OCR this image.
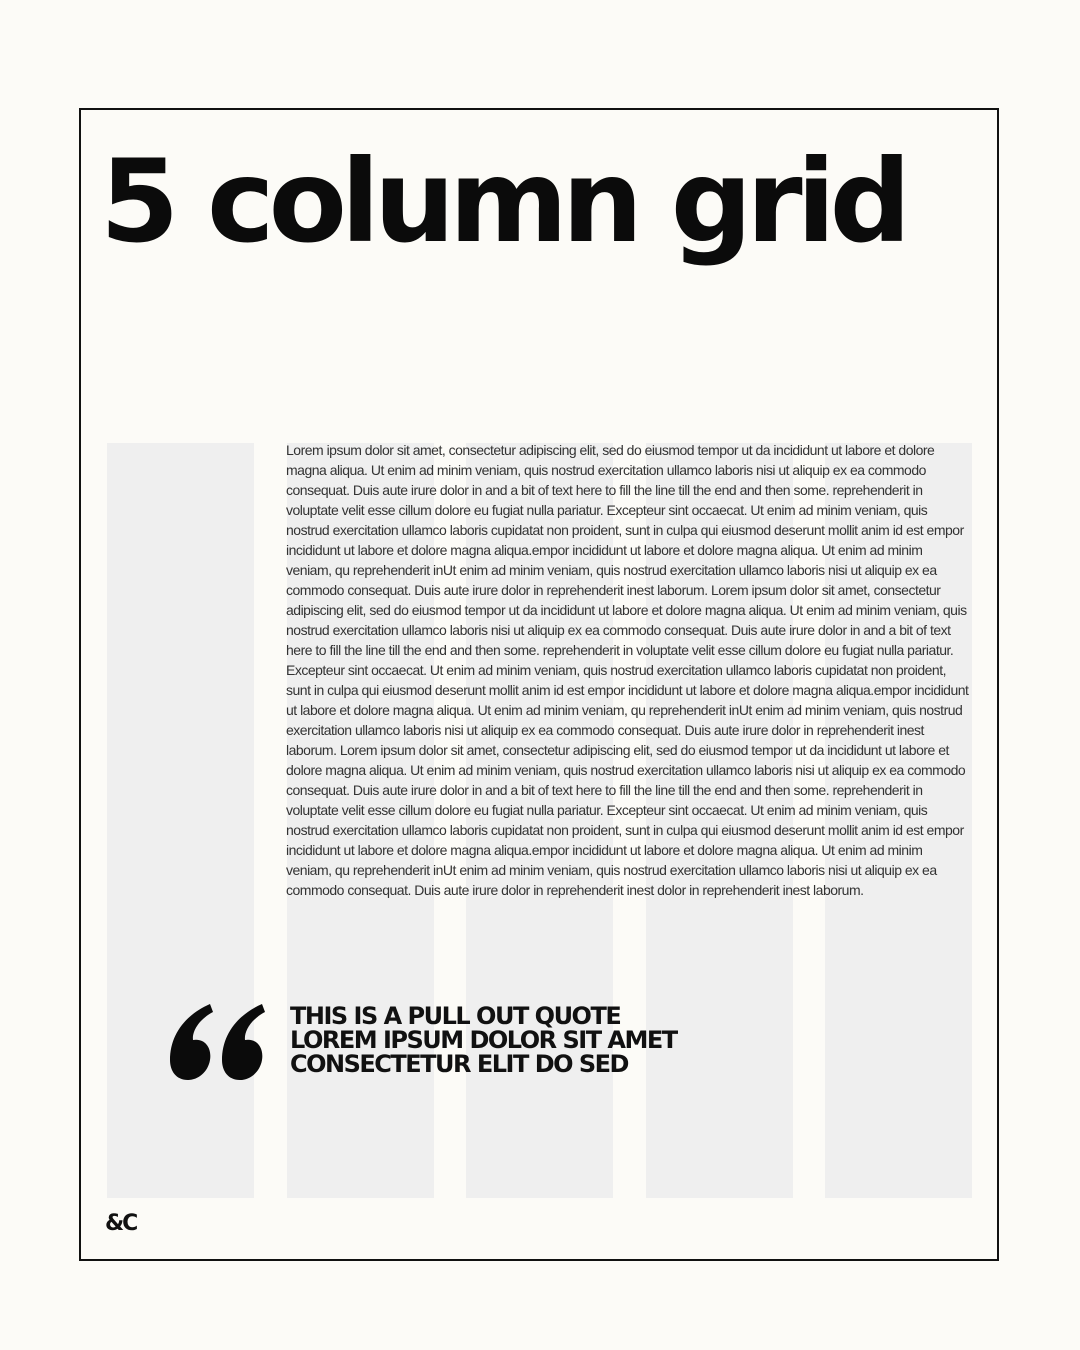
5 column grid

Lorem ipsum dolor sit amet, consectetur adipiscing elit, sed do eiusmod tempor ut da incididunt ut labore et dolore magna aliqua. Ut enim ad minim veniam, quis nostrud exercitation ullamco laboris nisi ut aliquip ex ea commodo consequat. Duis aute irure dolor in and a bit of text here to fill the line till the end and then some. reprehenderit in voluptate velit esse cillum dolore eu fugiat nulla pariatur. Excepteur sint occaecat. Ut enim ad minim veniam, quis nostrud exercitation ullamco laboris cupidatat non proident, sunt in culpa qui eiusmod deserunt mollit anim id est empor incididunt ut labore et dolore magna aliqua.empor incididunt ut labore et dolore magna aliqua. Ut enim ad minim veniam, qu reprehenderit inUt enim ad minim veniam, quis nostrud exercitation ullamco laboris nisi ut aliquip ex ea commodo consequat. Duis aute irure dolor in reprehenderit inest laborum. Lorem ipsum dolor sit amet, consectetur adipiscing elit, sed do eiusmod tempor ut da incididunt ut labore et dolore magna aliqua. Ut enim ad minim veniam, quis nostrud exercitation ullamco laboris nisi ut aliquip ex ea commodo consequat. Duis aute irure dolor in and a bit of text here to fill the line till the end and then some. reprehenderit in voluptate velit esse cillum dolore eu fugiat nulla pariatur. Excepteur sint occaecat. Ut enim ad minim veniam, quis nostrud exercitation ullamco laboris cupidatat non proident, sunt in culpa qui eiusmod deserunt mollit anim id est empor incididunt ut labore et dolore magna aliqua.empor incididunt ut labore et dolore magna aliqua. Ut enim ad minim veniam, qu reprehenderit inUt enim ad minim veniam, quis nostrud exercitation ullamco laboris nisi ut aliquip ex ea commodo consequat. Duis aute irure dolor in reprehenderit inest laborum. Lorem ipsum dolor sit amet, consectetur adipiscing elit, sed do eiusmod tempor ut da incididunt ut labore et dolore magna aliqua. Ut enim ad minim veniam, quis nostrud exercitation ullamco laboris nisi ut aliquip ex ea commodo consequat. Duis aute irure dolor in and a bit of text here to fill the line till the end and then some. reprehenderit in voluptate velit esse cillum dolore eu fugiat nulla pariatur. Excepteur sint occaecat. Ut enim ad minim veniam, quis nostrud exercitation ullamco laboris cupidatat non proident, sunt in culpa qui eiusmod deserunt mollit anim id est empor incididunt ut labore et dolore magna aliqua.empor incididunt ut labore et dolore magna aliqua. Ut enim ad minim veniam, qu reprehenderit inUt enim ad minim veniam, quis nostrud exercitation ullamco laboris nisi ut aliquip ex ea commodo consequat. Duis aute irure dolor in reprehenderit inest dolor in reprehenderit inest laborum.

THIS IS A PULL OUT QUOTE
LOREM IPSUM DOLOR SIT AMET
CONSECTETUR ELIT DO SED
&C
